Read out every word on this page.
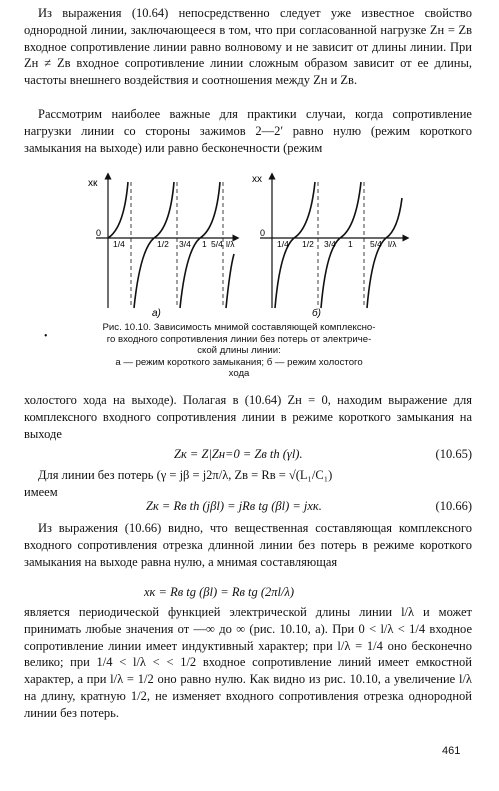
Из выражения (10.64) непосредственно следует уже известное свойство однородной линии, заключающееся в том, что при согласованной нагрузке Zн = Zв входное сопротивление линии равно волновому и не зависит от длины линии. При Zн ≠ Zв входное сопротивление линии сложным образом зависит от ее длины, частоты внешнего воздействия и соотношения между Zн и Zв.

Рассмотрим наиболее важные для практики случаи, когда сопротивление нагрузки линии со стороны зажимов 2—2′ равно нулю (режим короткого замыкания на выходе) или равно бесконечности (режим

xк
0
1/4	1/2 3/4 1 5/4 l/λ
а)
xх
0
1/4 1/2 3/4 1 5/4 l/λ
б)
•
Рис. 10.10. Зависимость мнимой составляющей комплексно-
го входного сопротивления линии без потерь от электриче-
ской длины линии:
а — режим короткого замыкания; б — режим холостого
хода

холостого хода на выходе). Полагая в (10.64) Zн = 0, находим выражение для комплексного входного сопротивления линии в режиме короткого замыкания на выходе

Zк = Z|Zн=0 = Zв th (γl).	(10.65)

Для линии без потерь (γ = jβ = j2π/λ, Zв = Rв = √(L₁/C₁)

имеем

Zк = Rв th (jβl) = jRв tg (βl) = jxк.	(10.66)

Из выражения (10.66) видно, что вещественная составляющая комплексного входного сопротивления отрезка длинной линии без потерь в режиме короткого замыкания на выходе равна нулю, а мнимая составляющая

xк = Rв tg (βl) = Rв tg (2πl/λ)

является периодической функцией электрической длины линии l/λ и может принимать любые значения от —∞ до ∞ (рис. 10.10, а). При 0 < l/λ < 1/4 входное сопротивление линии имеет индуктивный характер; при l/λ = 1/4 оно бесконечно велико; при 1/4 < l/λ < < 1/2 входное сопротивление линий имеет емкостной характер, а при l/λ = 1/2 оно равно нулю. Как видно из рис. 10.10, а увеличение l/λ на длину, кратную 1/2, не изменяет входного сопротивления отрезка однородной линии без потерь.

461
